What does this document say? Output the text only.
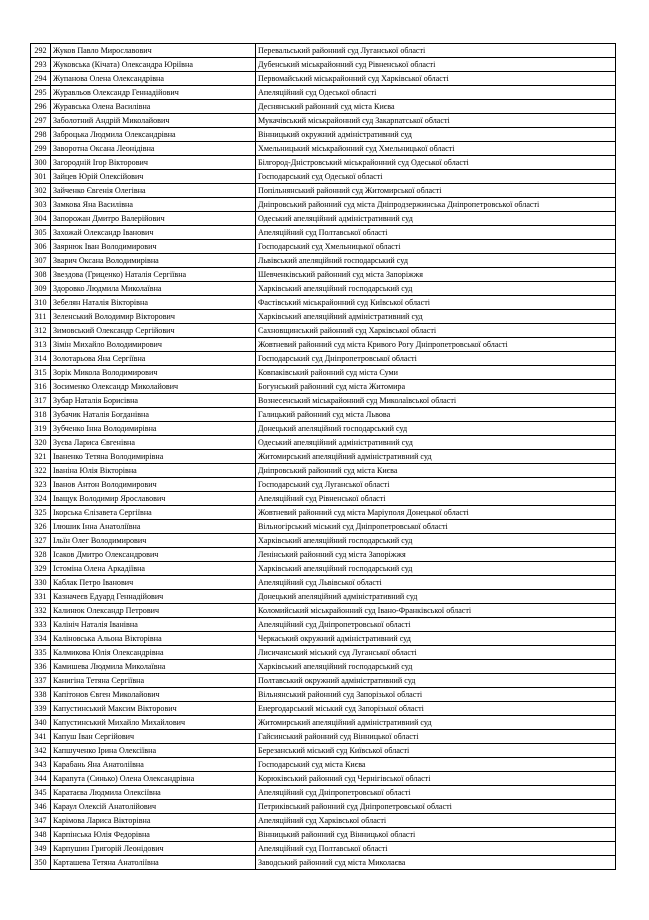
292	Жуков Павло Мирославович	Перевальський районний суд Луганської області
293	Жуковська (Кічата) Олександра Юріївна	Дубенський міськрайонний суд Рівненської області
294	Жупанова Олена Олександрівна	Первомайський міськрайонний суд Харківської області
295	Журавльов Олександр Геннадійович	Апеляційний суд Одеської області
296	Журавська Олена Василівна	Деснянський районний суд міста Києва
297	Заболотний Андрій Миколайович	Мукачівський міськрайонний суд Закарпатської області
298	Заброцька Людмила Олександрівна	Вінницький окружний адміністративний суд
299	Заворотна Оксана Леонідівна	Хмельницький міськрайонний суд Хмельницької області
300	Загородній Ігор Вікторович	Білгород-Дністровський міськрайонний суд Одеської області
301	Зайцев Юрій Олексійович	Господарський суд Одеської області
302	Зайченко Євгенія Олегівна	Попільнянський районний суд Житомирської області
303	Замкова Яна Василівна	Дніпровський районний суд міста Дніпродзержинська Дніпропетровської області
304	Запорожан Дмитро Валерійович	Одеський апеляційний адміністративний суд
305	Захожай Олександр Іванович	Апеляційний суд Полтавської області
306	Заярнюк Іван Володимирович	Господарський суд Хмельницької області
307	Зварич Оксана Володимирівна	Львівський апеляційний господарський суд
308	Звездова (Гриценко) Наталія Сергіївна	Шевченківський районний суд міста Запоріжжя
309	Здоровко Людмила Миколаївна	Харківський апеляційний господарський суд
310	Зебелян Наталія Вікторівна	Фастівський міськрайонний суд Київської області
311	Зеленський Володимир Вікторович	Харківський апеляційний адміністративний суд
312	Зимовський Олександр Сергійович	Сахновщинський районний суд Харківської області
313	Зімін Михайло Володимирович	Жовтневий районний суд міста Кривого Рогу Дніпропетровської області
314	Золотарьова Яна Сергіївна	Господарський суд Дніпропетровської області
315	Зорік Микола Володимирович	Ковпаківський районний суд міста Суми
316	Зосименко Олександр Миколайович	Богунський районний суд міста Житомира
317	Зубар Наталія Борисівна	Вознесенський міськрайонний суд Миколаївської області
318	Зубачик Наталія Богданівна	Галицький районний суд міста Львова
319	Зубченко Інна Володимирівна	Донецький апеляційний господарський суд
320	Зуєва Лариса Євгенівна	Одеський апеляційний адміністративний суд
321	Іваненко Тетяна Володимирівна	Житомирський апеляційний адміністративний суд
322	Іваніна Юлія Вікторівна	Дніпровський районний суд міста Києва
323	Іванов Антон Володимирович	Господарський суд Луганської області
324	Іващук Володимир Ярославович	Апеляційний суд Рівненської області
325	Ікорська Єлізавета Сергіївна	Жовтневий районний суд міста Маріуполя Донецької області
326	Ілюшик Інна Анатоліївна	Вільногірський міський суд Дніпропетровської області
327	Ільїн Олег Володимирович	Харківський апеляційний господарський суд
328	Ісаков Дмитро Олександрович	Ленінський районний суд міста Запоріжжя
329	Істоміна Олена Аркадіївна	Харківський апеляційний господарський суд
330	Каблак Петро Іванович	Апеляційний суд Львівської області
331	Казначеєв Едуард Геннадійович	Донецький апеляційний адміністративний суд
332	Калинюк Олександр Петрович	Коломийський міськрайонний суд Івано-Франківської області
333	Калініч Наталія Іванівна	Апеляційний суд Дніпропетровської області
334	Каліновська Альона Вікторівна	Черкаський окружний адміністративний суд
335	Калмикова Юлія Олександрівна	Лисичанський міський суд Луганської області
336	Камишева Людмила Миколаївна	Харківський апеляційний господарський суд
337	Канигіна Тетяна Сергіївна	Полтавський окружний адміністративний суд
338	Капітонов Євген Миколайович	Вільнянський районний суд Запорізької області
339	Капустинський Максим Вікторович	Енергодарський міський суд Запорізької області
340	Капустинський Михайло Михайлович	Житомирський апеляційний адміністративний суд
341	Капуш Іван Сергійович	Гайсинський районний суд Вінницької області
342	Капшученко Ірина Олексіївна	Березанський міський суд Київської області
343	Карабань Яна Анатоліївна	Господарський суд міста Києва
344	Карапута (Синько) Олена Олександрівна	Корюківський районний суд Чернігівської області
345	Каратаєва Людмила Олексіївна	Апеляційний суд Дніпропетровської області
346	Караул Олексій Анатолійович	Петриківський районний суд Дніпропетровської області
347	Карімова Лариса Вікторівна	Апеляційний суд Харківської області
348	Карпінська Юлія Федорівна	Вінницький районний суд Вінницької області
349	Карпушин Григорій Леонідович	Апеляційний суд Полтавської області
350	Карташева Тетяна Анатоліївна	Заводський районний суд міста Миколаєва
